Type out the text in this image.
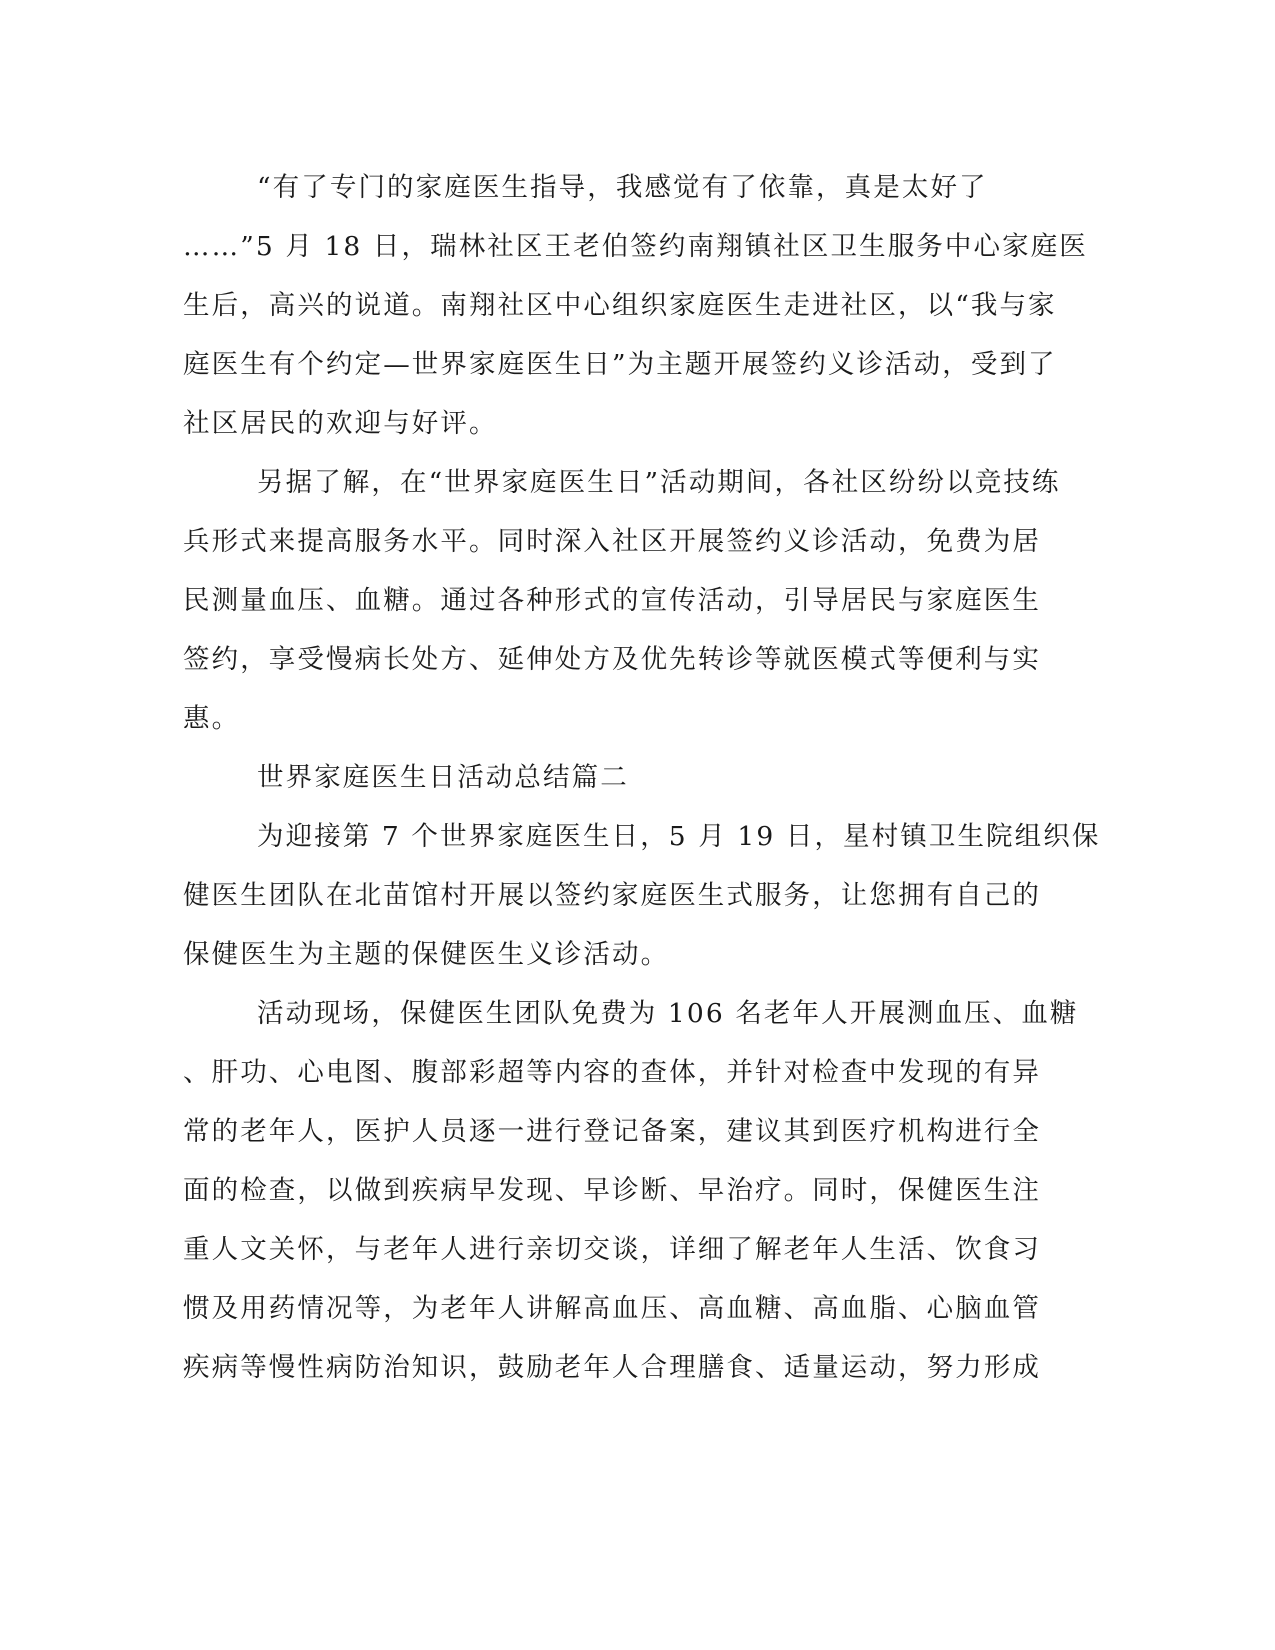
“有了专门的家庭医生指导，我感觉有了依靠，真是太好了
……”5 月 18 日，瑞林社区王老伯签约南翔镇社区卫生服务中心家庭医
生后，高兴的说道。南翔社区中心组织家庭医生走进社区，以“我与家
庭医生有个约定—世界家庭医生日”为主题开展签约义诊活动，受到了
社区居民的欢迎与好评。
另据了解，在“世界家庭医生日”活动期间，各社区纷纷以竞技练
兵形式来提高服务水平。同时深入社区开展签约义诊活动，免费为居
民测量血压、血糖。通过各种形式的宣传活动，引导居民与家庭医生
签约，享受慢病长处方、延伸处方及优先转诊等就医模式等便利与实
惠。
世界家庭医生日活动总结篇二
为迎接第 7 个世界家庭医生日，5 月 19 日，星村镇卫生院组织保
健医生团队在北苗馆村开展以签约家庭医生式服务，让您拥有自己的
保健医生为主题的保健医生义诊活动。
活动现场，保健医生团队免费为 106 名老年人开展测血压、血糖
、肝功、心电图、腹部彩超等内容的查体，并针对检查中发现的有异
常的老年人，医护人员逐一进行登记备案，建议其到医疗机构进行全
面的检查，以做到疾病早发现、早诊断、早治疗。同时，保健医生注
重人文关怀，与老年人进行亲切交谈，详细了解老年人生活、饮食习
惯及用药情况等，为老年人讲解高血压、高血糖、高血脂、心脑血管
疾病等慢性病防治知识，鼓励老年人合理膳食、适量运动，努力形成
